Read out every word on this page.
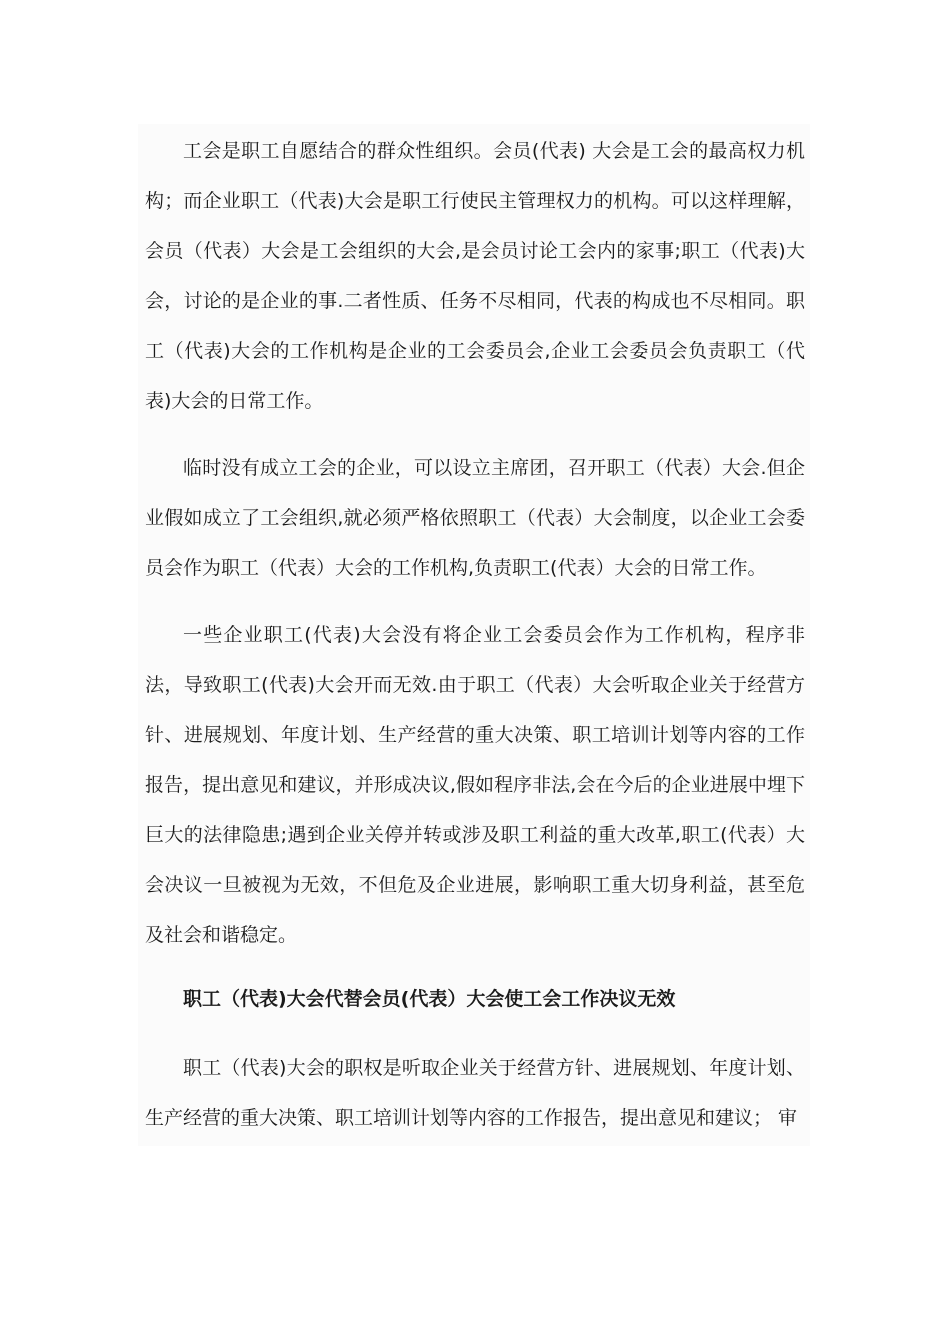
工会是职工自愿结合的群众性组织。会员(代表) 大会是工会的最高权力机构；而企业职工（代表)大会是职工行使民主管理权力的机构。可以这样理解，会员（代表）大会是工会组织的大会,是会员讨论工会内的家事;职工（代表)大会，讨论的是企业的事.二者性质、任务不尽相同，代表的构成也不尽相同。职工（代表)大会的工作机构是企业的工会委员会,企业工会委员会负责职工（代表)大会的日常工作。

临时没有成立工会的企业，可以设立主席团，召开职工（代表）大会.但企业假如成立了工会组织,就必须严格依照职工（代表）大会制度，以企业工会委员会作为职工（代表）大会的工作机构,负责职工(代表）大会的日常工作。

一些企业职工(代表)大会没有将企业工会委员会作为工作机构，程序非法，导致职工(代表)大会开而无效.由于职工（代表）大会听取企业关于经营方针、进展规划、年度计划、生产经营的重大决策、职工培训计划等内容的工作报告，提出意见和建议，并形成决议,假如程序非法,会在今后的企业进展中埋下巨大的法律隐患;遇到企业关停并转或涉及职工利益的重大改革,职工(代表）大会决议一旦被视为无效，不但危及企业进展，影响职工重大切身利益，甚至危及社会和谐稳定。

职工（代表)大会代替会员(代表）大会使工会工作决议无效

职工（代表)大会的职权是听取企业关于经营方针、进展规划、年度计划、生产经营的重大决策、职工培训计划等内容的工作报告，提出意见和建议； 审
